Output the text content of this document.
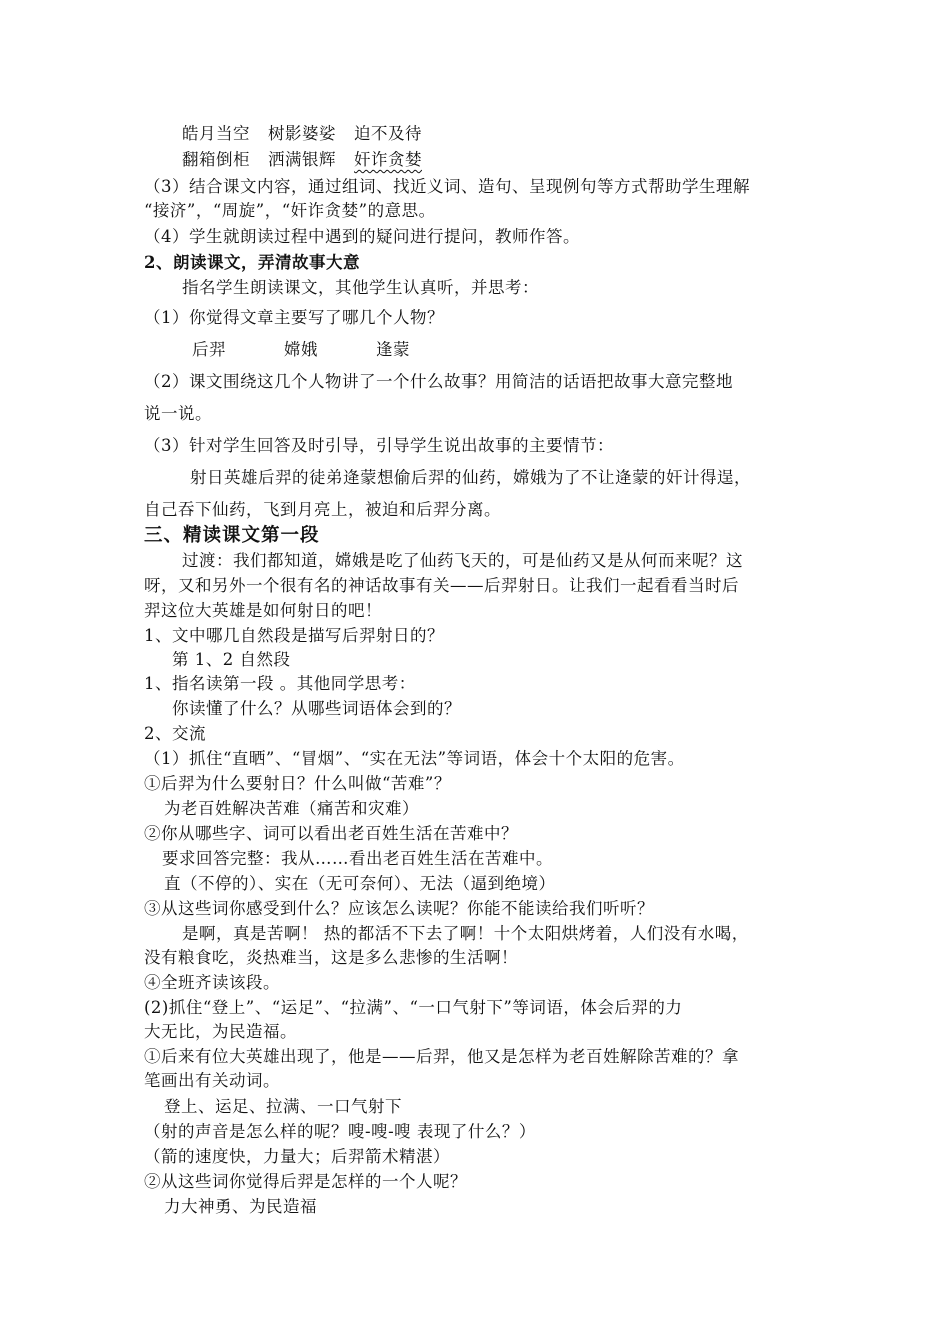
皓月当空 树影婆娑 迫不及待
翻箱倒柜 洒满银辉 奸诈贪婪
（3）结合课文内容，通过组词、找近义词、造句、呈现例句等方式帮助学生理解
“接济”，“周旋”，“奸诈贪婪”的意思。
（4）学生就朗读过程中遇到的疑问进行提问，教师作答。
2、朗读课文，弄清故事大意
指名学生朗读课文，其他学生认真听，并思考：
（1）你觉得文章主要写了哪几个人物？
后羿	嫦娥	逢蒙
（2）课文围绕这几个人物讲了一个什么故事？用简洁的话语把故事大意完整地
说一说。
（3）针对学生回答及时引导，引导学生说出故事的主要情节：
射日英雄后羿的徒弟逄蒙想偷后羿的仙药，嫦娥为了不让逄蒙的奸计得逞，
自己吞下仙药，飞到月亮上，被迫和后羿分离。
三、精读课文第一段
过渡：我们都知道，嫦娥是吃了仙药飞天的，可是仙药又是从何而来呢？这
呀，又和另外一个很有名的神话故事有关——后羿射日。让我们一起看看当时后
羿这位大英雄是如何射日的吧！
1、文中哪几自然段是描写后羿射日的？
第 1、2 自然段
1、指名读第一段 。其他同学思考：
你读懂了什么？从哪些词语体会到的？
2、交流
（1）抓住“直晒”、“冒烟”、“实在无法”等词语，体会十个太阳的危害。
①后羿为什么要射日？什么叫做“苦难”？
为老百姓解决苦难（痛苦和灾难）
②你从哪些字、词可以看出老百姓生活在苦难中？
要求回答完整：我从……看出老百姓生活在苦难中。
直（不停的）、实在（无可奈何）、无法（逼到绝境）
③从这些词你感受到什么？应该怎么读呢？你能不能读给我们听听？
是啊，真是苦啊！ 热的都活不下去了啊！十个太阳烘烤着，人们没有水喝，
没有粮食吃，炎热难当，这是多么悲惨的生活啊！
④全班齐读该段。
(2)抓住“登上”、“运足”、“拉满”、“一口气射下”等词语，体会后羿的力
大无比，为民造福。
①后来有位大英雄出现了，他是——后羿，他又是怎样为老百姓解除苦难的？拿
笔画出有关动词。
登上、运足、拉满、一口气射下
（射的声音是怎么样的呢？嗖-嗖-嗖 表现了什么？）
（箭的速度快，力量大；后羿箭术精湛）
②从这些词你觉得后羿是怎样的一个人呢？
力大神勇、为民造福
